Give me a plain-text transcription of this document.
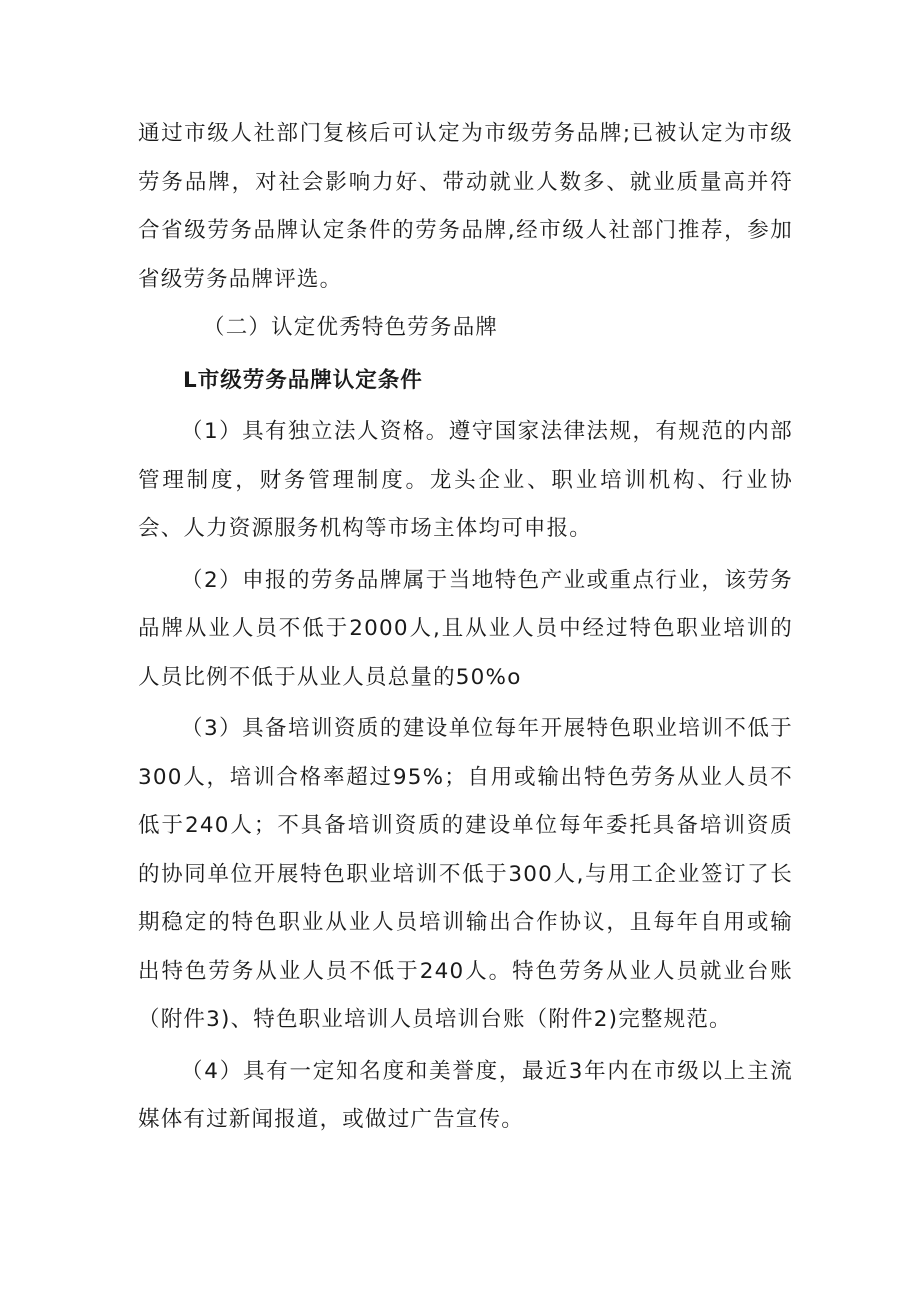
通过市级人社部门复核后可认定为市级劳务品牌;已被认定为市级劳务品牌，对社会影响力好、带动就业人数多、就业质量高并符合省级劳务品牌认定条件的劳务品牌,经市级人社部门推荐，参加省级劳务品牌评选。

（二）认定优秀特色劳务品牌

L市级劳务品牌认定条件

（1）具有独立法人资格。遵守国家法律法规，有规范的内部管理制度，财务管理制度。龙头企业、职业培训机构、行业协会、人力资源服务机构等市场主体均可申报。

（2）申报的劳务品牌属于当地特色产业或重点行业，该劳务品牌从业人员不低于2000人,且从业人员中经过特色职业培训的人员比例不低于从业人员总量的50%o

（3）具备培训资质的建设单位每年开展特色职业培训不低于300人，培训合格率超过95%；自用或输出特色劳务从业人员不低于240人；不具备培训资质的建设单位每年委托具备培训资质的协同单位开展特色职业培训不低于300人,与用工企业签订了长期稳定的特色职业从业人员培训输出合作协议，且每年自用或输出特色劳务从业人员不低于240人。特色劳务从业人员就业台账（附件3)、特色职业培训人员培训台账（附件2)完整规范。

（4）具有一定知名度和美誉度，最近3年内在市级以上主流媒体有过新闻报道，或做过广告宣传。
